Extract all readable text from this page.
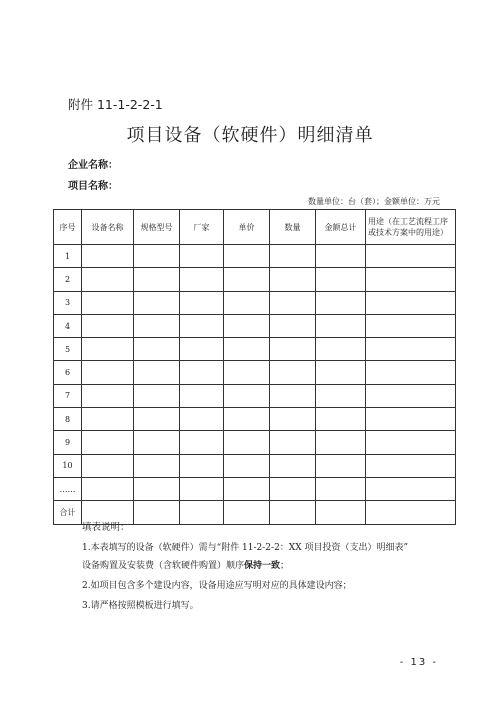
附件 11-1-2-2-1
项目设备（软硬件）明细清单
企业名称：
项目名称：
数量单位：台（套）；金额单位：万元
序号	设备名称	规格型号	厂家	单价	数量	金额总计	用途（在工艺流程工序或技术方案中的用途）
1							
2							
3							
4							
5							
6							
7							
8							
9							
10							
……							
合计							
填表说明：
1.本表填写的设备（软硬件）需与“附件 11-2-2-2：XX 项目投资（支出）明细表”
设备购置及安装费（含软硬件购置）顺序保持一致；
2.如项目包含多个建设内容，设备用途应写明对应的具体建设内容；
3.请严格按照模板进行填写。
- 13 -
